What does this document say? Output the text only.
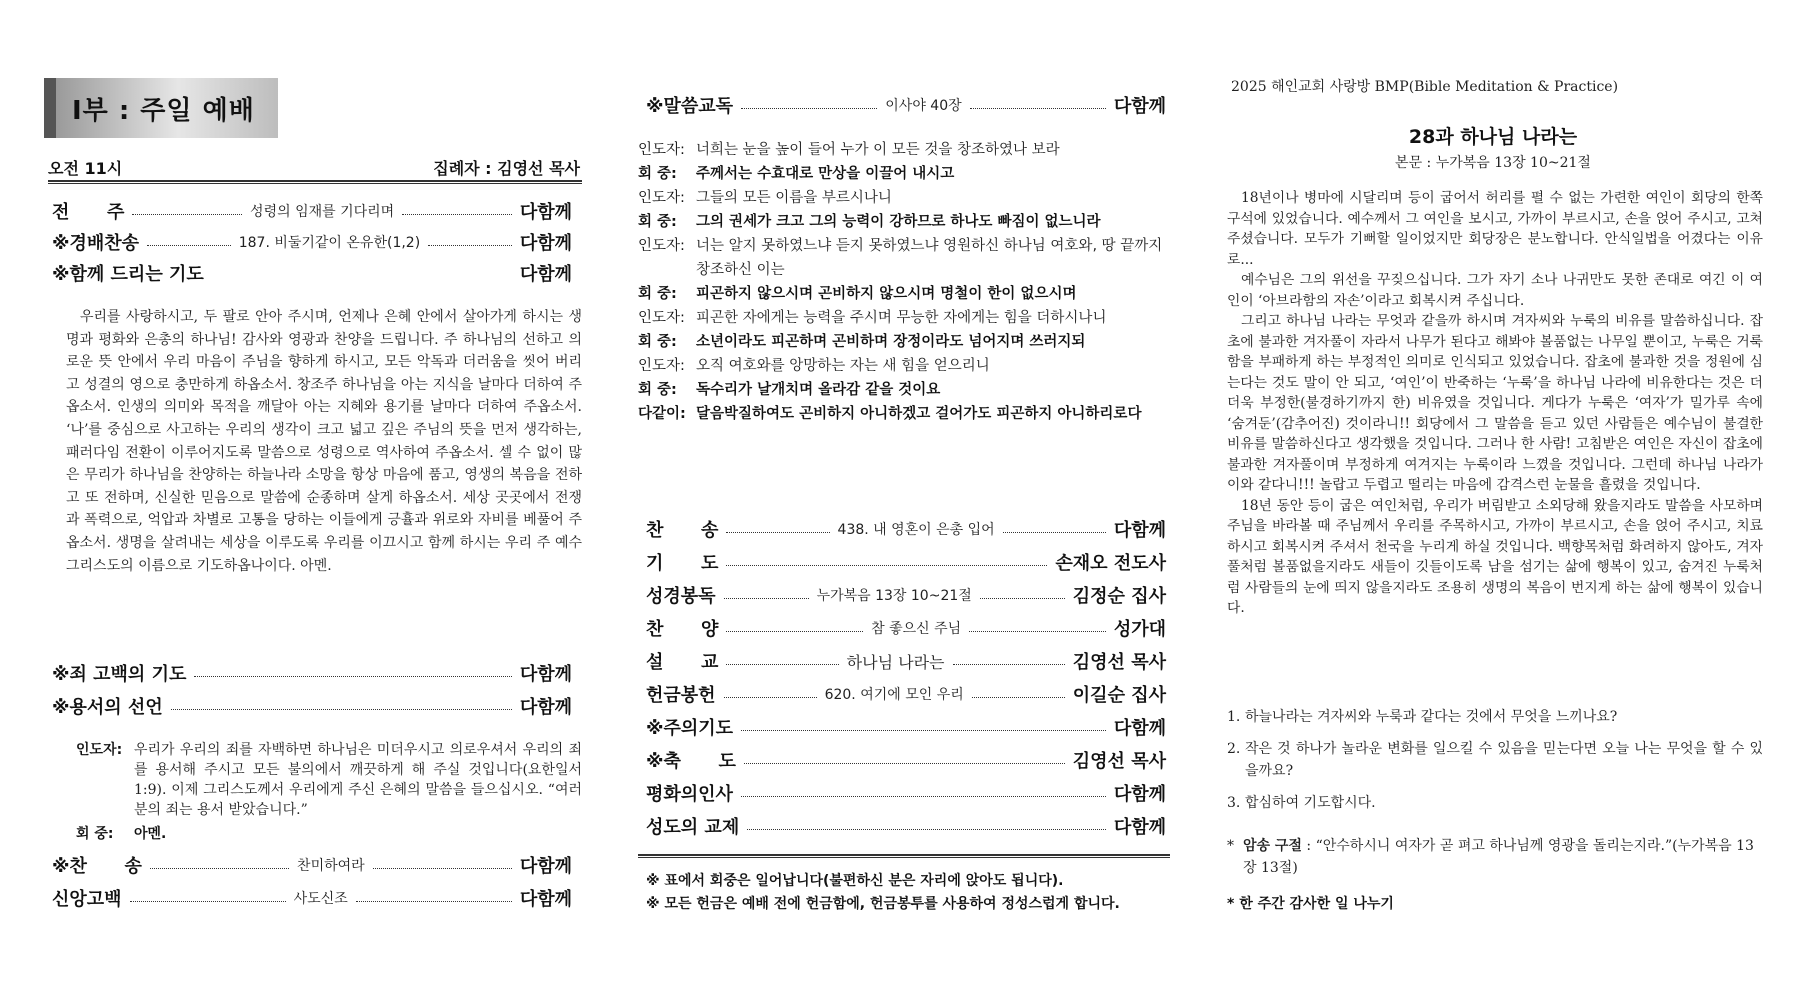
I부 : 주일 예배
오전 11시	집례자 : 김영선 목사
전      주	성령의 임재를 기다리며	다함께
※경배찬송	187. 비둘기같이 온유한(1,2)	다함께
※함께 드리는 기도	다함께

우리를 사랑하시고, 두 팔로 안아 주시며, 언제나 은혜 안에서 살아가게 하시는 생명과 평화와 은총의 하나님! 감사와 영광과 찬양을 드립니다. 주 하나님의 선하고 의로운 뜻 안에서 우리 마음이 주님을 향하게 하시고, 모든 악독과 더러움을 씻어 버리고 성결의 영으로 충만하게 하옵소서. 창조주 하나님을 아는 지식을 날마다 더하여 주옵소서. 인생의 의미와 목적을 깨달아 아는 지혜와 용기를 날마다 더하여 주옵소서. ‘나’를 중심으로 사고하는 우리의 생각이 크고 넓고 깊은 주님의 뜻을 먼저 생각하는, 패러다임 전환이 이루어지도록 말씀으로 성령으로 역사하여 주옵소서. 셀 수 없이 많은 무리가 하나님을 찬양하는 하늘나라 소망을 항상 마음에 품고, 영생의 복음을 전하고 또 전하며, 신실한 믿음으로 말씀에 순종하며 살게 하옵소서. 세상 곳곳에서 전쟁과 폭력으로, 억압과 차별로 고통을 당하는 이들에게 긍휼과 위로와 자비를 베풀어 주옵소서. 생명을 살려내는 세상을 이루도록 우리를 이끄시고 함께 하시는 우리 주 예수 그리스도의 이름으로 기도하옵나이다. 아멘.

※죄 고백의 기도	다함께
※용서의 선언	다함께
인도자: 우리가 우리의 죄를 자백하면 하나님은 미더우시고 의로우셔서 우리의 죄를 용서해 주시고 모든 불의에서 깨끗하게 해 주실 것입니다(요한일서 1:9). 이제 그리스도께서 우리에게 주신 은혜의 말씀을 들으십시오. “여러분의 죄는 용서 받았습니다.”
회 중:	아멘.
※찬      송	찬미하여라	다함께
신앙고백	사도신조	다함께
※말씀교독	이사야 40장	다함께
인도자: 너희는 눈을 높이 들어 누가 이 모든 것을 창조하였나 보라
회 중:	주께서는 수효대로 만상을 이끌어 내시고
인도자: 그들의 모든 이름을 부르시나니
회 중:	그의 권세가 크고 그의 능력이 강하므로 하나도 빠짐이 없느니라
인도자: 너는 알지 못하였느냐 듣지 못하였느냐 영원하신 하나님 여호와, 땅 끝까지 창조하신 이는
회 중:	피곤하지 않으시며 곤비하지 않으시며 명철이 한이 없으시며
인도자: 피곤한 자에게는 능력을 주시며 무능한 자에게는 힘을 더하시나니
회 중:	소년이라도 피곤하며 곤비하며 장정이라도 넘어지며 쓰러지되
인도자: 오직 여호와를 앙망하는 자는 새 힘을 얻으리니
회 중:	독수리가 날개치며 올라감 같을 것이요
다같이: 달음박질하여도 곤비하지 아니하겠고 걸어가도 피곤하지 아니하리로다
찬      송	438. 내 영혼이 은총 입어	다함께
기      도	손재오 전도사
성경봉독	누가복음 13장 10~21절	김정순 집사
찬      양	참 좋으신 주님	성가대
설      교	하나님 나라는	김영선 목사
헌금봉헌	620. 여기에 모인 우리	이길순 집사
※주의기도	다함께
※축      도	김영선 목사
평화의인사	다함께
성도의 교제	다함께
※ 표에서 회중은 일어납니다(불편하신 분은 자리에 앉아도 됩니다).
※ 모든 헌금은 예배 전에 헌금함에, 헌금봉투를 사용하여 정성스럽게 합니다.
2025 해인교회 사랑방 BMP(Bible Meditation & Practice)
28과 하나님 나라는
본문 : 누가복음 13장 10~21절

18년이나 병마에 시달리며 등이 굽어서 허리를 펼 수 없는 가련한 여인이 회당의 한쪽 구석에 있었습니다. 예수께서 그 여인을 보시고, 가까이 부르시고, 손을 얹어 주시고, 고쳐 주셨습니다. 모두가 기뻐할 일이었지만 회당장은 분노합니다. 안식일법을 어겼다는 이유로...

예수님은 그의 위선을 꾸짖으십니다. 그가 자기 소나 나귀만도 못한 존대로 여긴 이 여인이 ‘아브라함의 자손’이라고 회복시켜 주십니다.

그리고 하나님 나라는 무엇과 같을까 하시며 겨자씨와 누룩의 비유를 말씀하십니다. 잡초에 불과한 겨자풀이 자라서 나무가 된다고 해봐야 볼품없는 나무일 뿐이고, 누룩은 거룩함을 부패하게 하는 부정적인 의미로 인식되고 있었습니다. 잡초에 불과한 것을 정원에 심는다는 것도 말이 안 되고, ‘여인’이 반죽하는 ‘누룩’을 하나님 나라에 비유한다는 것은 더더욱 부정한(불경하기까지 한) 비유였을 것입니다. 게다가 누룩은 ‘여자’가 밀가루 속에 ‘숨겨둔’(감추어진) 것이라니!! 회당에서 그 말씀을 듣고 있던 사람들은 예수님이 불결한 비유를 말씀하신다고 생각했을 것입니다. 그러나 한 사람! 고침받은 여인은 자신이 잡초에 불과한 겨자풀이며 부정하게 여겨지는 누룩이라 느꼈을 것입니다. 그런데 하나님 나라가 이와 같다니!!! 놀랍고 두렵고 떨리는 마음에 감격스런 눈물을 흘렸을 것입니다.

18년 동안 등이 굽은 여인처럼, 우리가 버림받고 소외당해 왔을지라도 말씀을 사모하며 주님을 바라볼 때 주님께서 우리를 주목하시고, 가까이 부르시고, 손을 얹어 주시고, 치료하시고 회복시켜 주셔서 천국을 누리게 하실 것입니다. 백향목처럼 화려하지 않아도, 겨자풀처럼 볼품없을지라도 새들이 깃들이도록 남을 섬기는 삶에 행복이 있고, 숨겨진 누룩처럼 사람들의 눈에 띄지 않을지라도 조용히 생명의 복음이 번지게 하는 삶에 행복이 있습니다.

1. 하늘나라는 겨자씨와 누룩과 같다는 것에서 무엇을 느끼나요?
2. 작은 것 하나가 놀라운 변화를 일으킬 수 있음을 믿는다면 오늘 나는 무엇을 할 수 있을까요?
3. 합심하여 기도합시다.
* 암송 구절 : “안수하시니 여자가 곧 펴고 하나님께 영광을 돌리는지라.”(누가복음 13장 13절)
* 한 주간 감사한 일 나누기
